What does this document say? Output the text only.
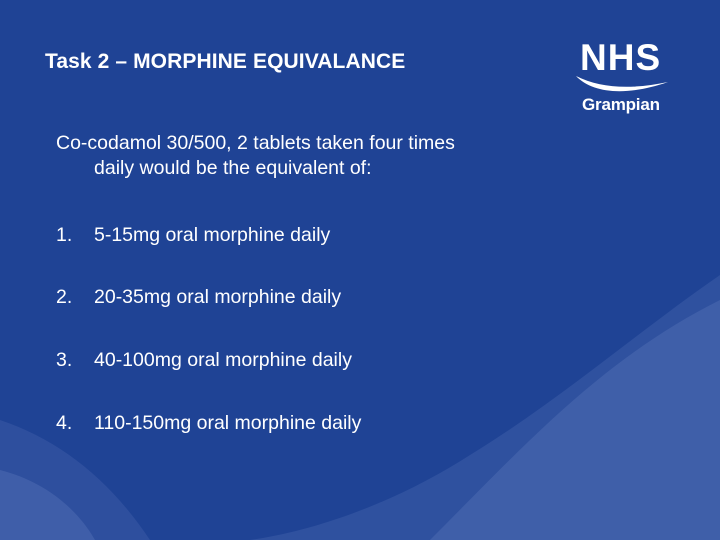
Task 2 – MORPHINE EQUIVALANCE	NHS
Grampian
Co-codamol 30/500, 2 tablets taken four times
daily would be the equivalent of:
1. 5-15mg oral morphine daily
2. 20-35mg oral morphine daily
3. 40-100mg oral morphine daily
4. 110-150mg oral morphine daily
